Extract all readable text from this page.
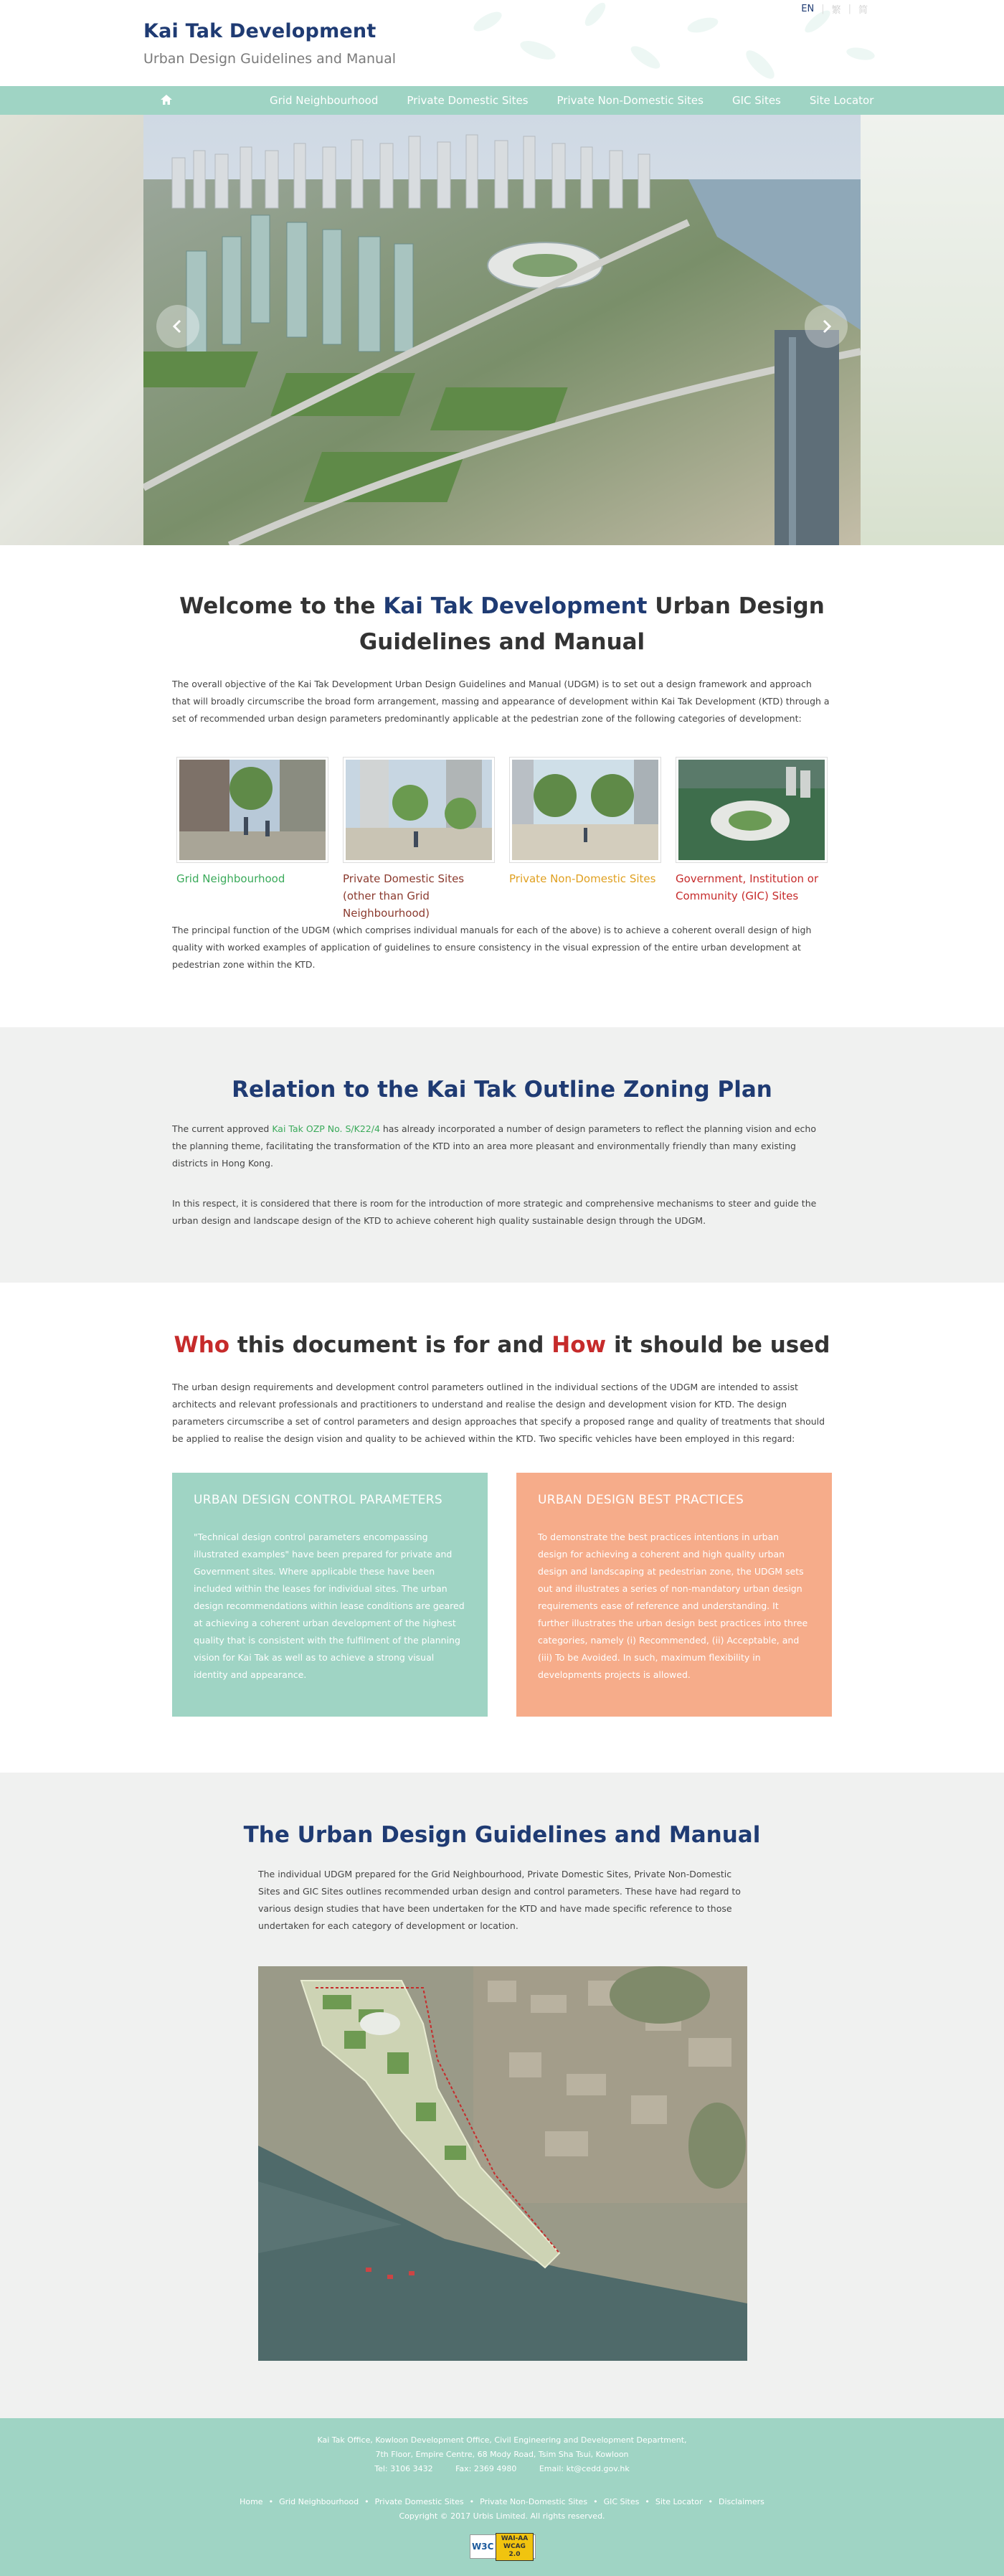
Kai Tak Development
Urban Design Guidelines and Manual
EN | 繁 | 简
Grid Neighbourhood	Private Domestic Sites	Private Non-Domestic Sites	GIC Sites	Site Locator
Welcome to the Kai Tak Development Urban Design
Guidelines and Manual
The overall objective of the Kai Tak Development Urban Design Guidelines and Manual (UDGM) is to set out a design framework and approach that will broadly circumscribe the broad form arrangement, massing and appearance of development within Kai Tak Development (KTD) through a set of recommended urban design parameters predominantly applicable at the pedestrian zone of the following categories of development:
Grid Neighbourhood	Private Domestic Sites (other than Grid Neighbourhood)
Private Non-Domestic Sites	Government, Institution or Community (GIC) Sites
The principal function of the UDGM (which comprises individual manuals for each of the above) is to achieve a coherent overall design of high quality with worked examples of application of guidelines to ensure consistency in the visual expression of the entire urban development at pedestrian zone within the KTD.
Relation to the Kai Tak Outline Zoning Plan
The current approved Kai Tak OZP No. S/K22/4 has already incorporated a number of design parameters to reflect the planning vision and echo the planning theme, facilitating the transformation of the KTD into an area more pleasant and environmentally friendly than many existing districts in Hong Kong.
In this respect, it is considered that there is room for the introduction of more strategic and comprehensive mechanisms to steer and guide the urban design and landscape design of the KTD to achieve coherent high quality sustainable design through the UDGM.
Who this document is for and How it should be used
The urban design requirements and development control parameters outlined in the individual sections of the UDGM are intended to assist architects and relevant professionals and practitioners to understand and realise the design and development vision for KTD. The design parameters circumscribe a set of control parameters and design approaches that specify a proposed range and quality of treatments that should be applied to realise the design vision and quality to be achieved within the KTD. Two specific vehicles have been employed in this regard:
URBAN DESIGN CONTROL PARAMETERS
"Technical design control parameters encompassing illustrated examples" have been prepared for private and Government sites. Where applicable these have been included within the leases for individual sites. The urban design recommendations within lease conditions are geared at achieving a coherent urban development of the highest quality that is consistent with the fulfilment of the planning vision for Kai Tak as well as to achieve a strong visual identity and appearance.
URBAN DESIGN BEST PRACTICES
To demonstrate the best practices intentions in urban design for achieving a coherent and high quality urban design and landscaping at pedestrian zone, the UDGM sets out and illustrates a series of non-mandatory urban design requirements ease of reference and understanding. It further illustrates the urban design best practices into three categories, namely (i) Recommended, (ii) Acceptable, and (iii) To be Avoided. In such, maximum flexibility in developments projects is allowed.
The Urban Design Guidelines and Manual
The individual UDGM prepared for the Grid Neighbourhood, Private Domestic Sites, Private Non-Domestic Sites and GIC Sites outlines recommended urban design and control parameters. These have had regard to various design studies that have been undertaken for the KTD and have made specific reference to those undertaken for each category of development or location.
Kai Tak Office, Kowloon Development Office, Civil Engineering and Development Department,
7th Floor, Empire Centre, 68 Mody Road, Tsim Sha Tsui, Kowloon
Tel: 3106 3432	Fax: 2369 4980	Email: kt@cedd.gov.hk
Home • Grid Neighbourhood • Private Domestic Sites • Private Non-Domestic Sites • GIC Sites • Site Locator • Disclaimers
Copyright © 2017 Urbis Limited. All rights reserved.
W3C
WAI-AA WCAG 2.0
